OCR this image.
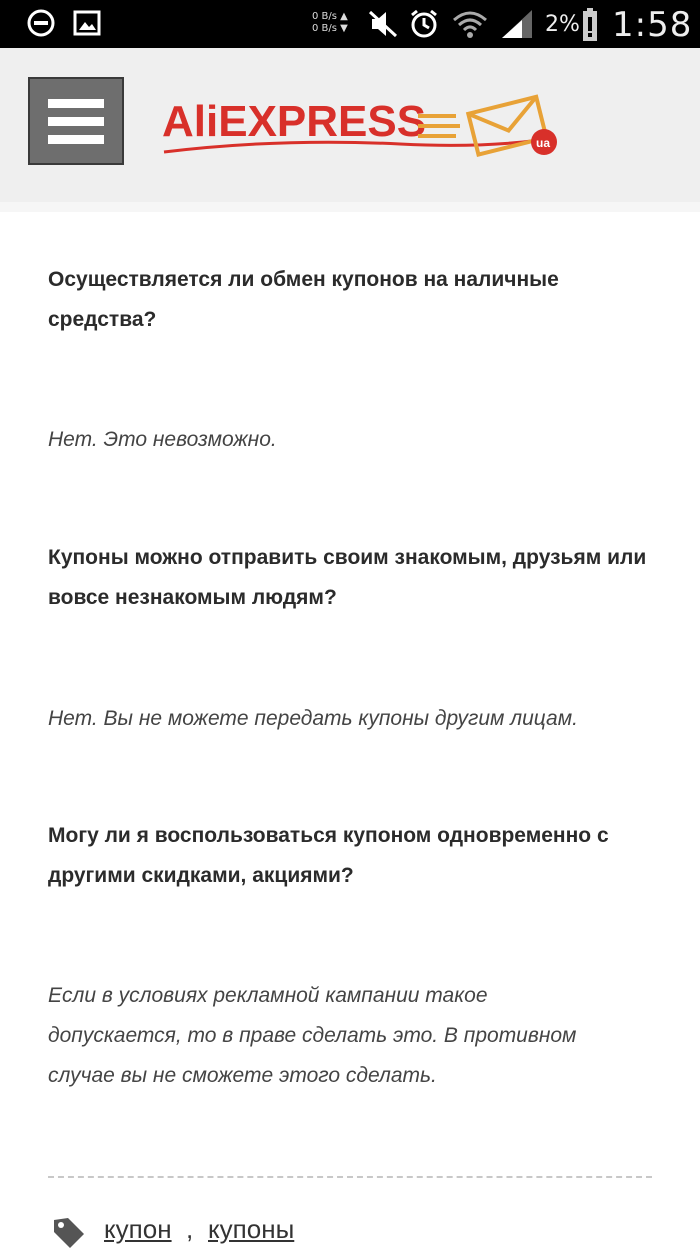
0 B/s ▲
0 B/s ▼	2% 1:58
AliEXPRESS	ua

Осуществляется ли обмен купонов на наличные средства?

Нет. Это невозможно.

Купоны можно отправить своим знакомым, друзьям или вовсе незнакомым людям?

Нет. Вы не можете передать купоны другим лицам.

Могу ли я воспользоваться купоном одновременно с другими скидками, акциями?

Если в условиях рекламной кампании такое допускается, то в праве сделать это. В противном случае вы не сможете этого сделать.

купон , купоны
